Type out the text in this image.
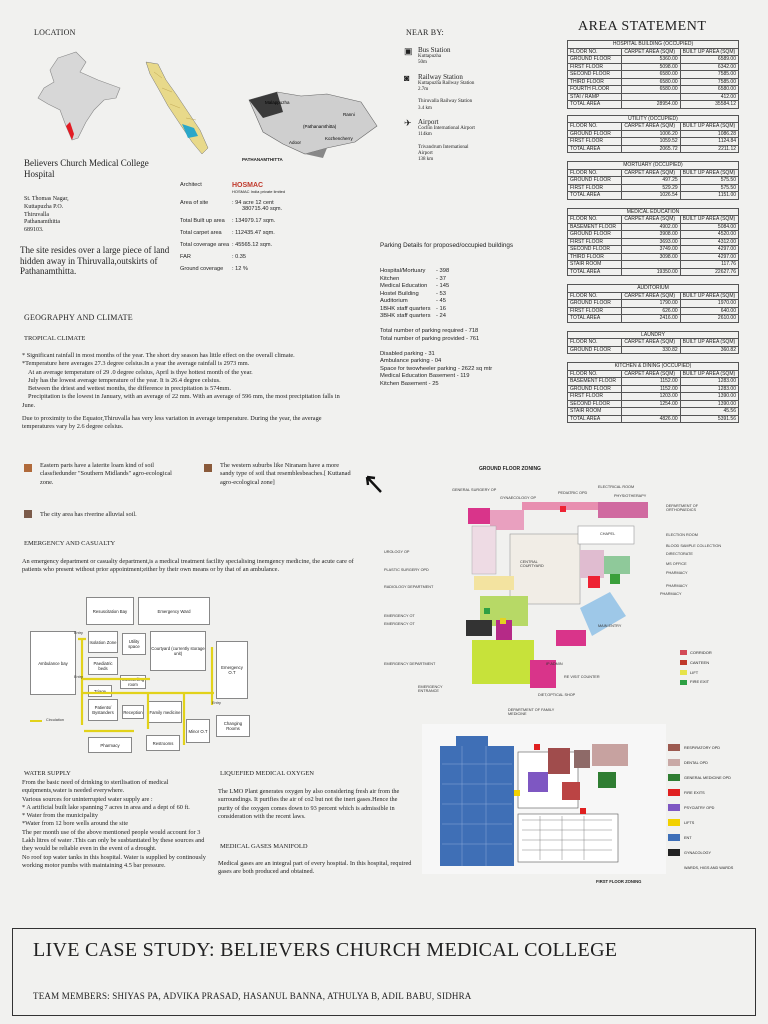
LOCATION
Malappuzha
Ranni
(Pathanamthitta)
Kozhencherry
Adoor
PATHANAMTHITTA
Believers Church Medical College Hospital
St. Thomas Nagar,
Kuttapuzha P.O.
Thiruvalla
Pathanamthitta
689103.
The site resides over a large piece of land hidden away in Thiruvalla,outskirts of Pathanamthitta.
Architect	HOSMAC
HOSMAC India private limited
Area of site	: 94 acre 12 cent
380715.40 sqm.
Total Built up area	: 134979.17 sqm.
Total carpet area	: 112435.47 sqm.
Total coverage area : 45565.12 sqm.
FAR	: 0.35
Ground coverage	: 12 %
NEAR BY:
▣ Bus Station
Kuttapuzha
50m
◙	Railway Station
Kuttapuzha Railway Station
2.7m

Thiruvalla Railway Station
3.4 km
✈ Airport
Cochin International Airport
114km

Trivandrum International
Airport
138 km
Parking Details for proposed/occupied buildings
Hospital/Mortuary	- 398
Kitchen	- 37
Medical Education	- 145
Hostel Building	- 53
Auditorium	- 45
1BHK staff quarters - 16
3BHK staff quarters - 24

Total number of parking required - 718
Total number of parking provided - 761

Disabled parking - 31
Ambulance parking - 04
Space for twowheeler parking - 2622 sq mtr
Medical Education Basement - 119
Kitchen Basement - 25
AREA STATEMENT
HOSPITAL BUILDING (OCCUPIED)		
FLOOR NO.	CARPET AREA (SQM)	BUILT UP AREA (SQM)
GROUND FLOOR	5360.00	6589.00
FIRST FLOOR	5098.00	6342.00
SECOND FLOOR	6580.00	7585.00
THIRD FLOOR	6580.00	7585.00
FOURTH FLOOR	6580.00	6580.00
STAI / RAMP		412.00
TOTAL AREA	28954.00	35584.12
UTILITY (OCCUPIED)		
FLOOR NO.	CARPET AREA (SQM)	BUILT UP AREA (SQM)
GROUND FLOOR	1006.20	1086.28
FIRST FLOOR	1059.52	1124.84
TOTAL AREA	2065.72	2211.12
MORTUARY (OCCUPIED)		
FLOOR NO.	CARPET AREA (SQM)	BUILT UP AREA (SQM)
GROUND FLOOR	497.25	575.50
FIRST FLOOR	529.29	575.50
TOTAL AREA	1026.54	1151.00
MEDICAL EDUCATION		
FLOOR NO.	CARPET AREA (SQM)	BUILT UP AREA (SQM)
BASEMENT FLOOR	4902.00	5084.00
GROUND FLOOR	3908.00	4520.00
FIRST FLOOR	3693.00	4312.00
SECOND FLOOR	3749.00	4297.00
THIRD FLOOR	3098.00	4297.00
STAIR ROOM		117.76
TOTAL AREA	19350.00	22627.76
AUDITORIUM		
FLOOR NO.	CARPET AREA (SQM)	BUILT UP AREA (SQM)
GROUND FLOOR	1790.00	1970.00
FIRST FLOOR	626.00	640.00
TOTAL AREA	2416.00	2610.00
LAUNDRY		
FLOOR NO.	CARPET AREA (SQM)	BUILT UP AREA (SQM)
GROUND FLOOR	330.82	360.82
KITCHEN & DINING (OCCUPIED)		
FLOOR NO.	CARPET AREA (SQM)	BUILT UP AREA (SQM)
BASEMENT FLOOR	1152.00	1283.00
GROUND FLOOR	1152.00	1283.00
FIRST FLOOR	1203.00	1390.00
SECOND FLOOR	1254.00	1390.00
STAIR ROOM		45.56
TOTAL AREA	4826.00	5391.56
GEOGRAPHY AND CLIMATE
TROPICAL CLIMATE
* Significant rainfall in most months of the year. The short dry season has little effect on the overall climate.
*Temperature here averages 27.3 degree celsius.In a year the average rainfall is 2973 mm.
At an average temperature of 29 .0 degree celsius, April is thye hottest month of the year.
July has the lowest average temperature of the year. It is 26.4 degree celsius.
Between the driest and wettest months, the difference in precipitation is 574mm.
Precipitation is the lowest in January, with an average of 22 mm. With an average of 596 mm, the most precipitation falls in June.
Due to proximity to the Equator,Thiruvalla has very less variation in average temperature. During the year, the average temperatures vary by 2.6 degree celsius.
Eastern parts have a laterite loam kind of soil classfiedunder "Southern Midlands" agro-ecological zone.
The western suburbs like Niranam have a more sandy type of soil that resemblesbeaches.[ Kuttanad agro-ecological zone]
The city area has riverine alluvial soil.
EMERGENCY AND CASUALTY
An emergency department or casualty department,is a medical treatment facility specialising inemgency medicine, the acute care of patients who present without prior appointment;either by their own means or by that of an ambulance.
Resuscitation Bay	Emergency Ward
Isolation Zone	Utility space	Courtyard (currently storage unit)
Paediatric beds
Ambulance bay
Emergency O.T
Counselling room
Triage
Patients/ Bystanders	Reception	Family medicine
Changing Rooms
Minor O.T
Pharmacy	Restrooms
Entry
Entry
Entry
Circulation
WATER SUPPLY
From the basic need of drinking to sterilisation of medical equipments,water is needed everywhere.
Various sources for uninterrupted water supply are :
* A artificial built lake spanning 7 acres in area and a dept of 60 ft.
* Water from the municipality
*Water from 12 bore wells around the site
The per month use of the above mentioned people would account for 3 Lakh litres of water .This can only be susbtantiated by these sources and they would be reliable even in the event of a drought.
No roof top water tanks in this hospital. Water is supplied by continously working motor pumbs with maintaining 4.5 bar pressure.
LIQUEFIED MEDICAL OXYGEN
The LMO Plant generates oxygen by also considering fresh air from the surroundings. It purifies the air of co2 but not the inert gases.Hence the purity of the oxygen comes down to 93 percent which is admissible in consideration with the recent laws.
MEDICAL GASES MANIFOLD
Medical gases are an integral part of every hospital. In this hospital, required gases are both produced and obtained.
GROUND FLOOR ZONING
ELECTRICAL ROOM
GENERAL SURGERY OP
GYNAECOLOGY OP
PEDIATRIC OPD
PHYSIOTHERAPY
DEPARTMENT OF ORTHOPAEDICS
ELECTION ROOM
BLOOD SAMPLE COLLECTION
DIRECTORATE
MS OFFICE
PHARMACY
PHARMACY
PHARMACY
UROLOGY OP
PLASTIC SURGERY OPD
RADIOLOGY DEPARTMENT
EMERGENCY OT
EMERGENCY OT
EMERGENCY DEPARTMENT
EMERGENCY ENTRANCE
IP ADMIN
RE VISIT COUNTER
DIET,OPTICAL SHOP
DEPARTMENT OF FAMILY MEDICINE
MAIN ENTRY
CENTRAL COURTYARD
CHAPEL
CORRIDOR
CANTEEN
LIFT
FIRE EXIT
FIRST FLOOR ZONING
RESPIRATORY OPD
DENTAL OPD
GENERAL MEDICINE OPD
FIRE EXITS
PSYCIATRY OPD
LIFTS
ENT
GYNACOLOGY
WARDS, HIGS AND WARDS
LIVE CASE STUDY: BELIEVERS CHURCH MEDICAL COLLEGE
TEAM MEMBERS: SHIYAS PA, ADVIKA PRASAD, HASANUL BANNA, ATHULYA B, ADIL BABU, SIDHRA
